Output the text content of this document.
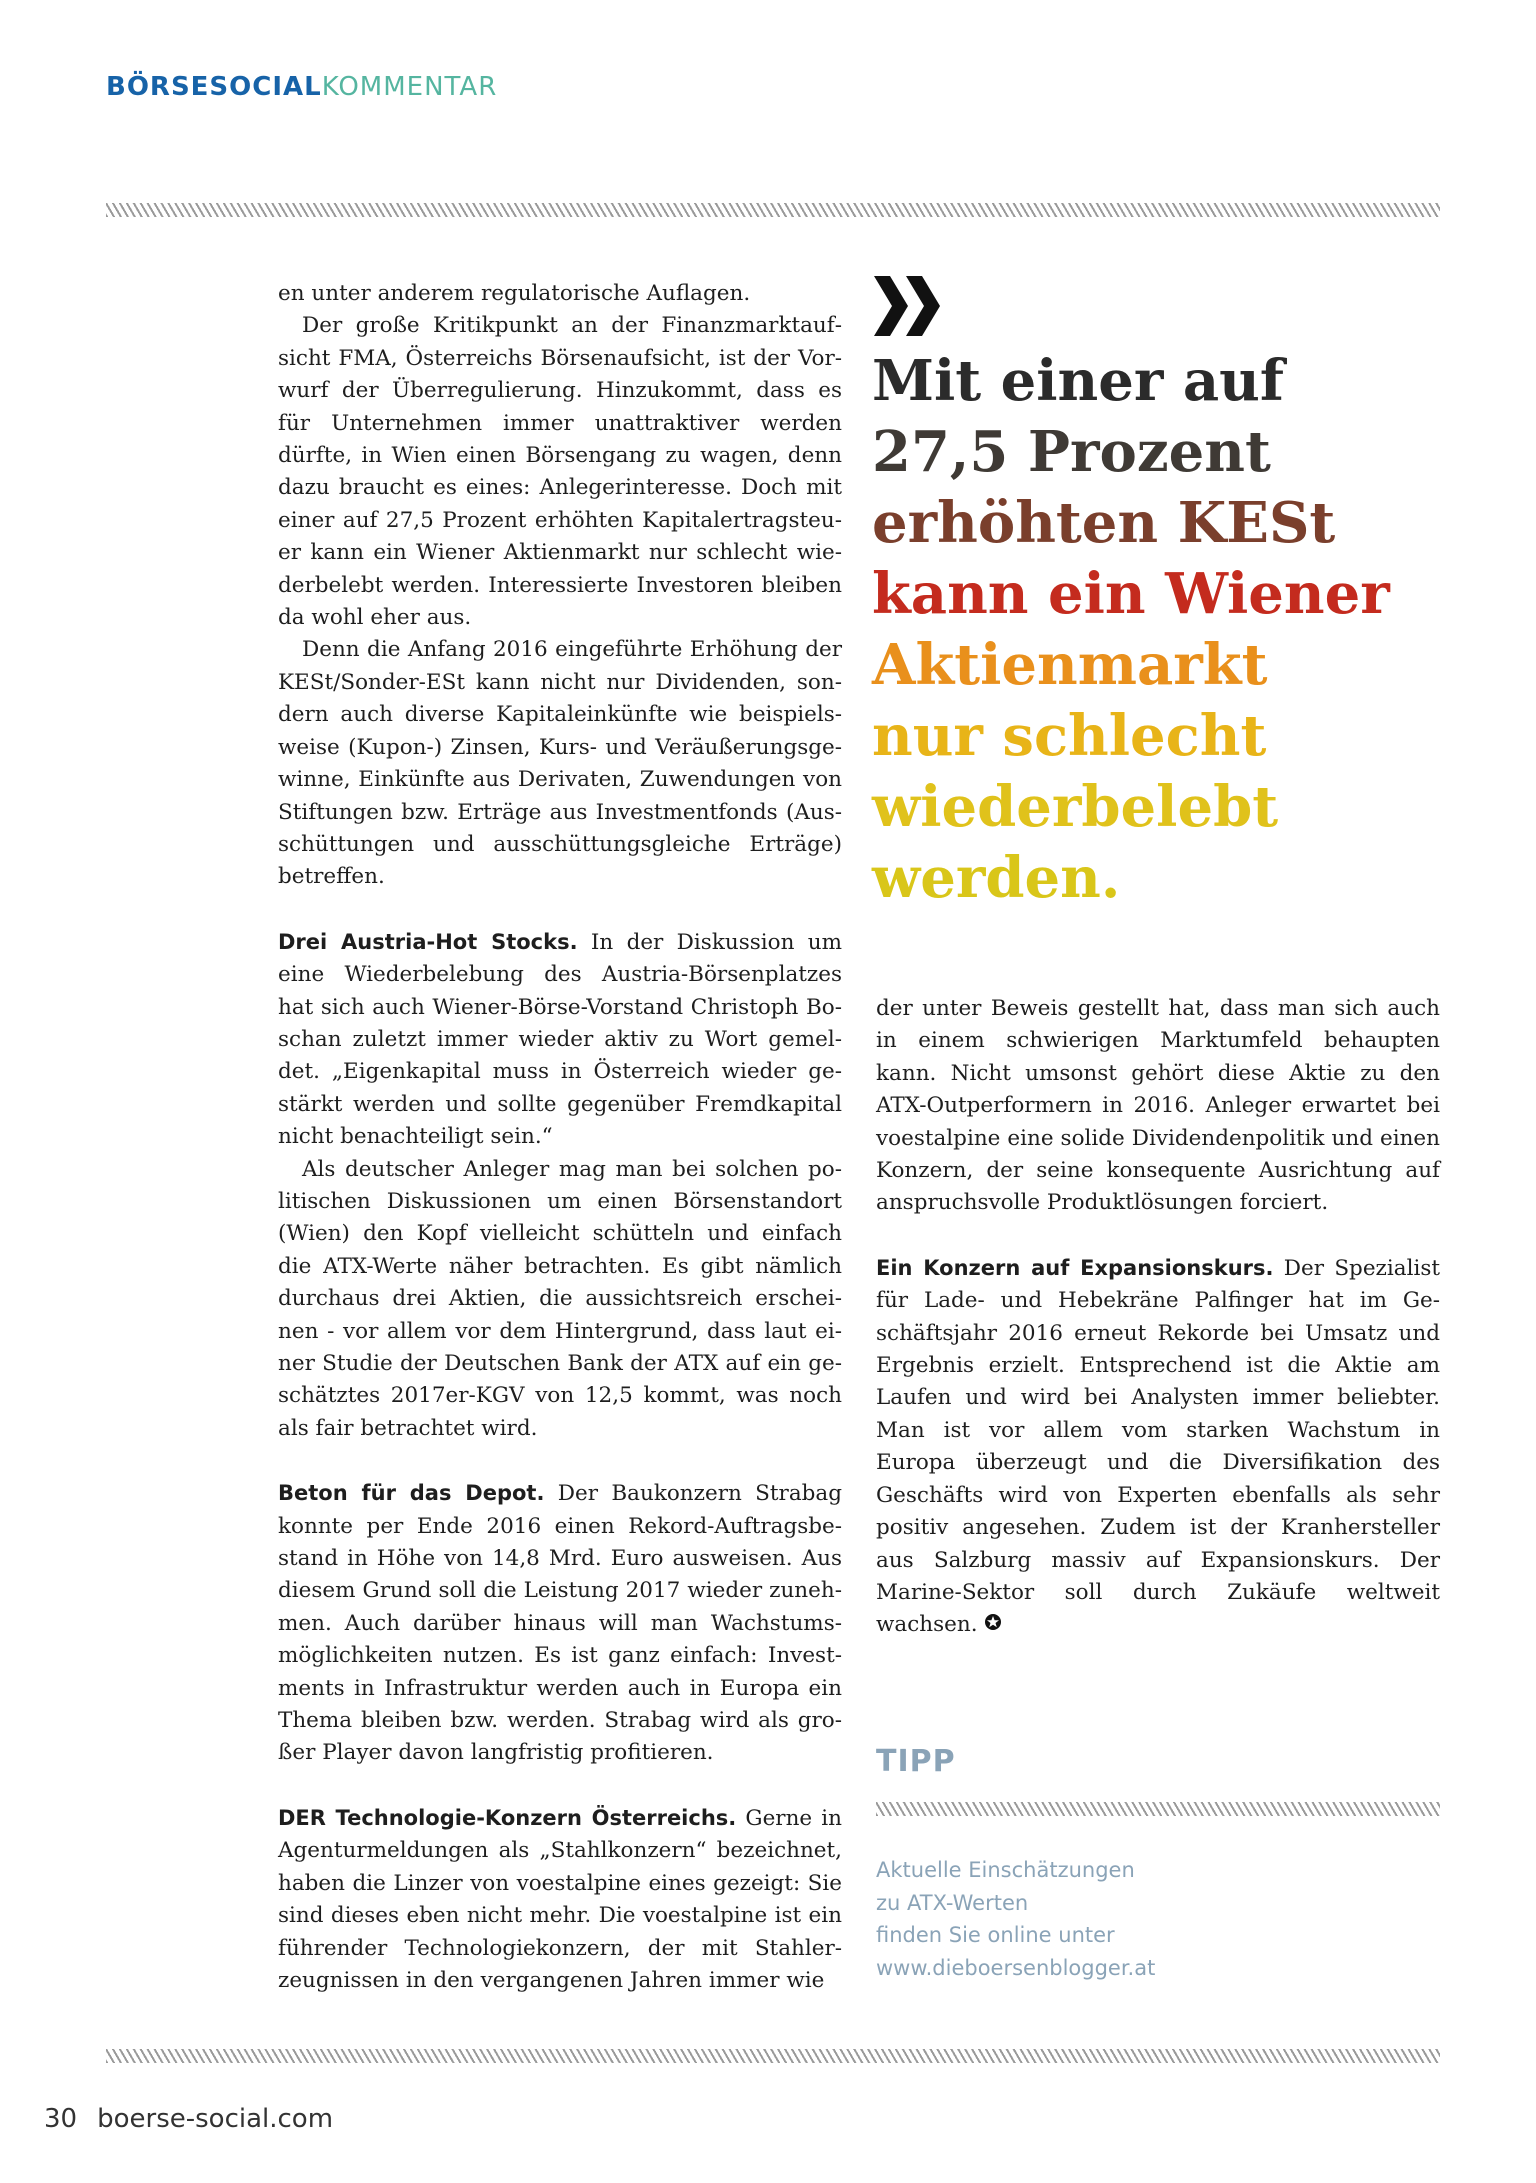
BÖRSESOCIALKOMMENTAR

en unter anderem regulatorische Auflagen.

Der große Kritikpunkt an der Finanzmarktaufsicht FMA, Österreichs Börsenaufsicht, ist der Vorwurf der Überregulierung. Hinzukommt, dass es für Unternehmen immer unattraktiver werden dürfte, in Wien einen Börsengang zu wagen, denn dazu braucht es eines: Anlegerinteresse. Doch mit einer auf 27,5 Prozent erhöhten Kapitalertragsteuer kann ein Wiener Aktienmarkt nur schlecht wiederbelebt werden. Interessierte Investoren bleiben da wohl eher aus.

Denn die Anfang 2016 eingeführte Erhöhung der KESt/Sonder-ESt kann nicht nur Dividenden, sondern auch diverse Kapitaleinkünfte wie beispielsweise (Kupon-) Zinsen, Kurs- und Veräußerungsgewinne, Einkünfte aus Derivaten, Zuwendungen von Stiftungen bzw. Erträge aus Investmentfonds (Ausschüttungen und ausschüttungsgleiche Erträge) betreffen.

Drei Austria-Hot Stocks. In der Diskussion um eine Wiederbelebung des Austria-Börsenplatzes hat sich auch Wiener-Börse-Vorstand Christoph Boschan zuletzt immer wieder aktiv zu Wort gemeldet. „Eigenkapital muss in Österreich wieder gestärkt werden und sollte gegenüber Fremdkapital nicht benachteiligt sein.“

Als deutscher Anleger mag man bei solchen politischen Diskussionen um einen Börsenstandort (Wien) den Kopf vielleicht schütteln und einfach die ATX-Werte näher betrachten. Es gibt nämlich durchaus drei Aktien, die aussichtsreich erscheinen - vor allem vor dem Hintergrund, dass laut einer Studie der Deutschen Bank der ATX auf ein geschätztes 2017er-KGV von 12,5 kommt, was noch als fair betrachtet wird.

Beton für das Depot. Der Baukonzern Strabag konnte per Ende 2016 einen Rekord-Auftragsbestand in Höhe von 14,8 Mrd. Euro ausweisen. Aus diesem Grund soll die Leistung 2017 wieder zunehmen. Auch darüber hinaus will man Wachstumsmöglichkeiten nutzen. Es ist ganz einfach: Investments in Infrastruktur werden auch in Europa ein Thema bleiben bzw. werden. Strabag wird als großer Player davon langfristig profitieren.

DER Technologie-Konzern Österreichs. Gerne in Agenturmeldungen als „Stahlkonzern“ bezeichnet, haben die Linzer von voestalpine eines gezeigt: Sie sind dieses eben nicht mehr. Die voestalpine ist ein führender Technologiekonzern, der mit Stahlerzeugnissen in den vergangenen Jahren immer wie

Mit einer auf
27,5 Prozent
erhöhten KESt
kann ein Wiener
Aktienmarkt
nur schlecht
wiederbelebt
werden.

der unter Beweis gestellt hat, dass man sich auch in einem schwierigen Marktumfeld behaupten kann. Nicht umsonst gehört diese Aktie zu den ATX-Outperformern in 2016. Anleger erwartet bei voestalpine eine solide Dividendenpolitik und einen Konzern, der seine konsequente Ausrichtung auf anspruchsvolle Produktlösungen forciert.

Ein Konzern auf Expansionskurs. Der Spezialist für Lade- und Hebekräne Palfinger hat im Geschäftsjahr 2016 erneut Rekorde bei Umsatz und Ergebnis erzielt. Entsprechend ist die Aktie am Laufen und wird bei Analysten immer beliebter. Man ist vor allem vom starken Wachstum in Europa überzeugt und die Diversifikation des Geschäfts wird von Experten ebenfalls als sehr positiv angesehen. Zudem ist der Kranhersteller aus Salzburg massiv auf Expansionskurs. Der Marine-Sektor soll durch Zukäufe weltweit wachsen.

TIPP
Aktuelle Einschätzungen
zu ATX-Werten
finden Sie online unter
www.dieboersenblogger.at
30 boerse-social.com
